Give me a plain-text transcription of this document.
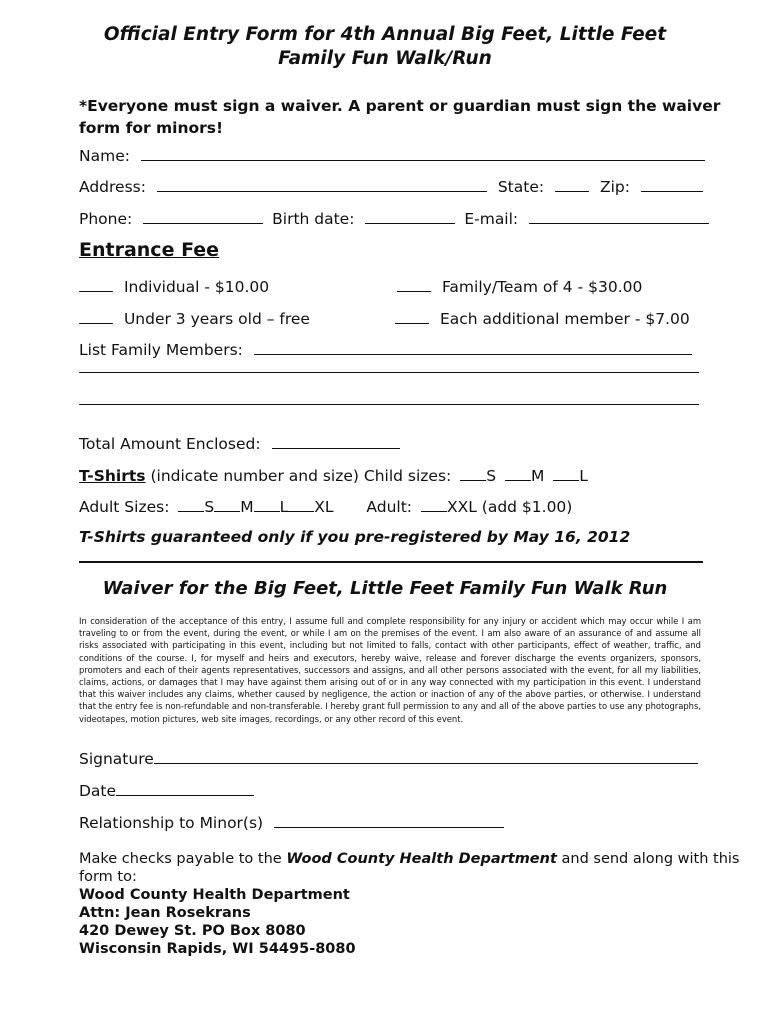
Official Entry Form for 4th Annual Big Feet, Little Feet
Family Fun Walk/Run
*Everyone must sign a waiver. A parent or guardian must sign the waiver
form for minors!
Name:
Address:	State:	Zip:
Phone:	Birth date:	E-mail:
Entrance Fee
Individual - $10.00	Family/Team of 4 - $30.00
Under 3 years old – free	Each additional member - $7.00
List Family Members:
Total Amount Enclosed:
T-Shirts (indicate number and size) Child sizes: S M L
Adult Sizes: S M L XL Adult: XXL (add $1.00)
T-Shirts guaranteed only if you pre-registered by May 16, 2012
Waiver for the Big Feet, Little Feet Family Fun Walk Run
In consideration of the acceptance of this entry, I assume full and complete responsibility for any injury or accident which may occur while I am traveling to or from the event, during the event, or while I am on the premises of the event. I am also aware of an assurance of and assume all risks associated with participating in this event, including but not limited to falls, contact with other participants, effect of weather, traffic, and conditions of the course. I, for myself and heirs and executors, hereby waive, release and forever discharge the events organizers, sponsors, promoters and each of their agents representatives, successors and assigns, and all other persons associated with the event, for all my liabilities, claims, actions, or damages that I may have against them arising out of or in any way connected with my participation in this event. I understand that this waiver includes any claims, whether caused by negligence, the action or inaction of any of the above parties, or otherwise. I understand that the entry fee is non-refundable and non-transferable. I hereby grant full permission to any and all of the above parties to use any photographs, videotapes, motion pictures, web site images, recordings, or any other record of this event.
Signature
Date
Relationship to Minor(s)
Make checks payable to the Wood County Health Department and send along with this
form to:
Wood County Health Department
Attn: Jean Rosekrans
420 Dewey St. PO Box 8080
Wisconsin Rapids, WI 54495-8080
